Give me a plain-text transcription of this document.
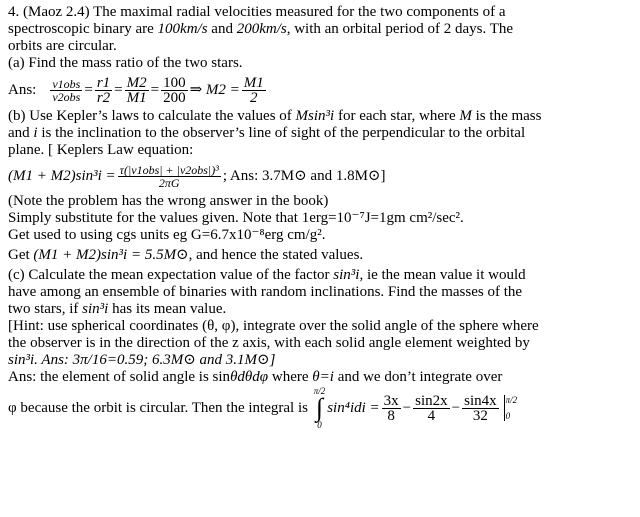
4. (Maoz 2.4) The maximal radial velocities measured for the two components of a

spectroscopic binary are 100km/s and 200km/s, with an orbital period of 2 days. The

orbits are circular.

(a) Find the mass ratio of the two stars.

Ans: $\frac{\text{v1obs}}{\text{v2obs}} = \frac{r1}{r2} = \frac{M2}{M1} = \frac{100}{200}$ ⇒
$M2 = \frac{M1}{2}$

(b) Use Kepler’s laws to calculate the values of Msin³i for each star, where M is the mass

and i is the inclination to the observer’s line of sight of the perpendicular to the orbital

plane. [ Keplers Law equation:

$(M1 + M2)\sin^3i = \frac{\text{τ(|v1obs| + |v2obs|)³}}{2\pi G}$ ; Ans: 3.7M⊙ and 1.8M⊙]

(Note the problem has the wrong answer in the book)

Simply substitute for the values given. Note that 1erg=10⁻⁷J=1gm cm²/sec².

Get used to using cgs units eg G=6.7x10⁻⁸erg cm/g².

Get (M1 + M2)sin³i = 5.5M⊙, and hence the stated values.

(c) Calculate the mean expectation value of the factor sin³i, ie the mean value it would

have among an ensemble of binaries with random inclinations. Find the masses of the

two stars, if sin³i has its mean value.

[Hint: use spherical coordinates (θ, φ), integrate over the solid angle of the sphere where

the observer is in the direction of the z axis, with each solid angle element weighted by

sin³i. Ans: 3π/16=0.59; 6.3M⊙ and 3.1M⊙]

Ans: the element of solid angle is sinθdθdφ where θ=i and we don’t integrate over

φ because the orbit is circular. Then the integral is

π/2
∫
0
$\sin^4idi = \frac{3x}{8} - \frac{\sin 2x}{4} - \frac{\sin 4x}{32} \pi/2$
0
